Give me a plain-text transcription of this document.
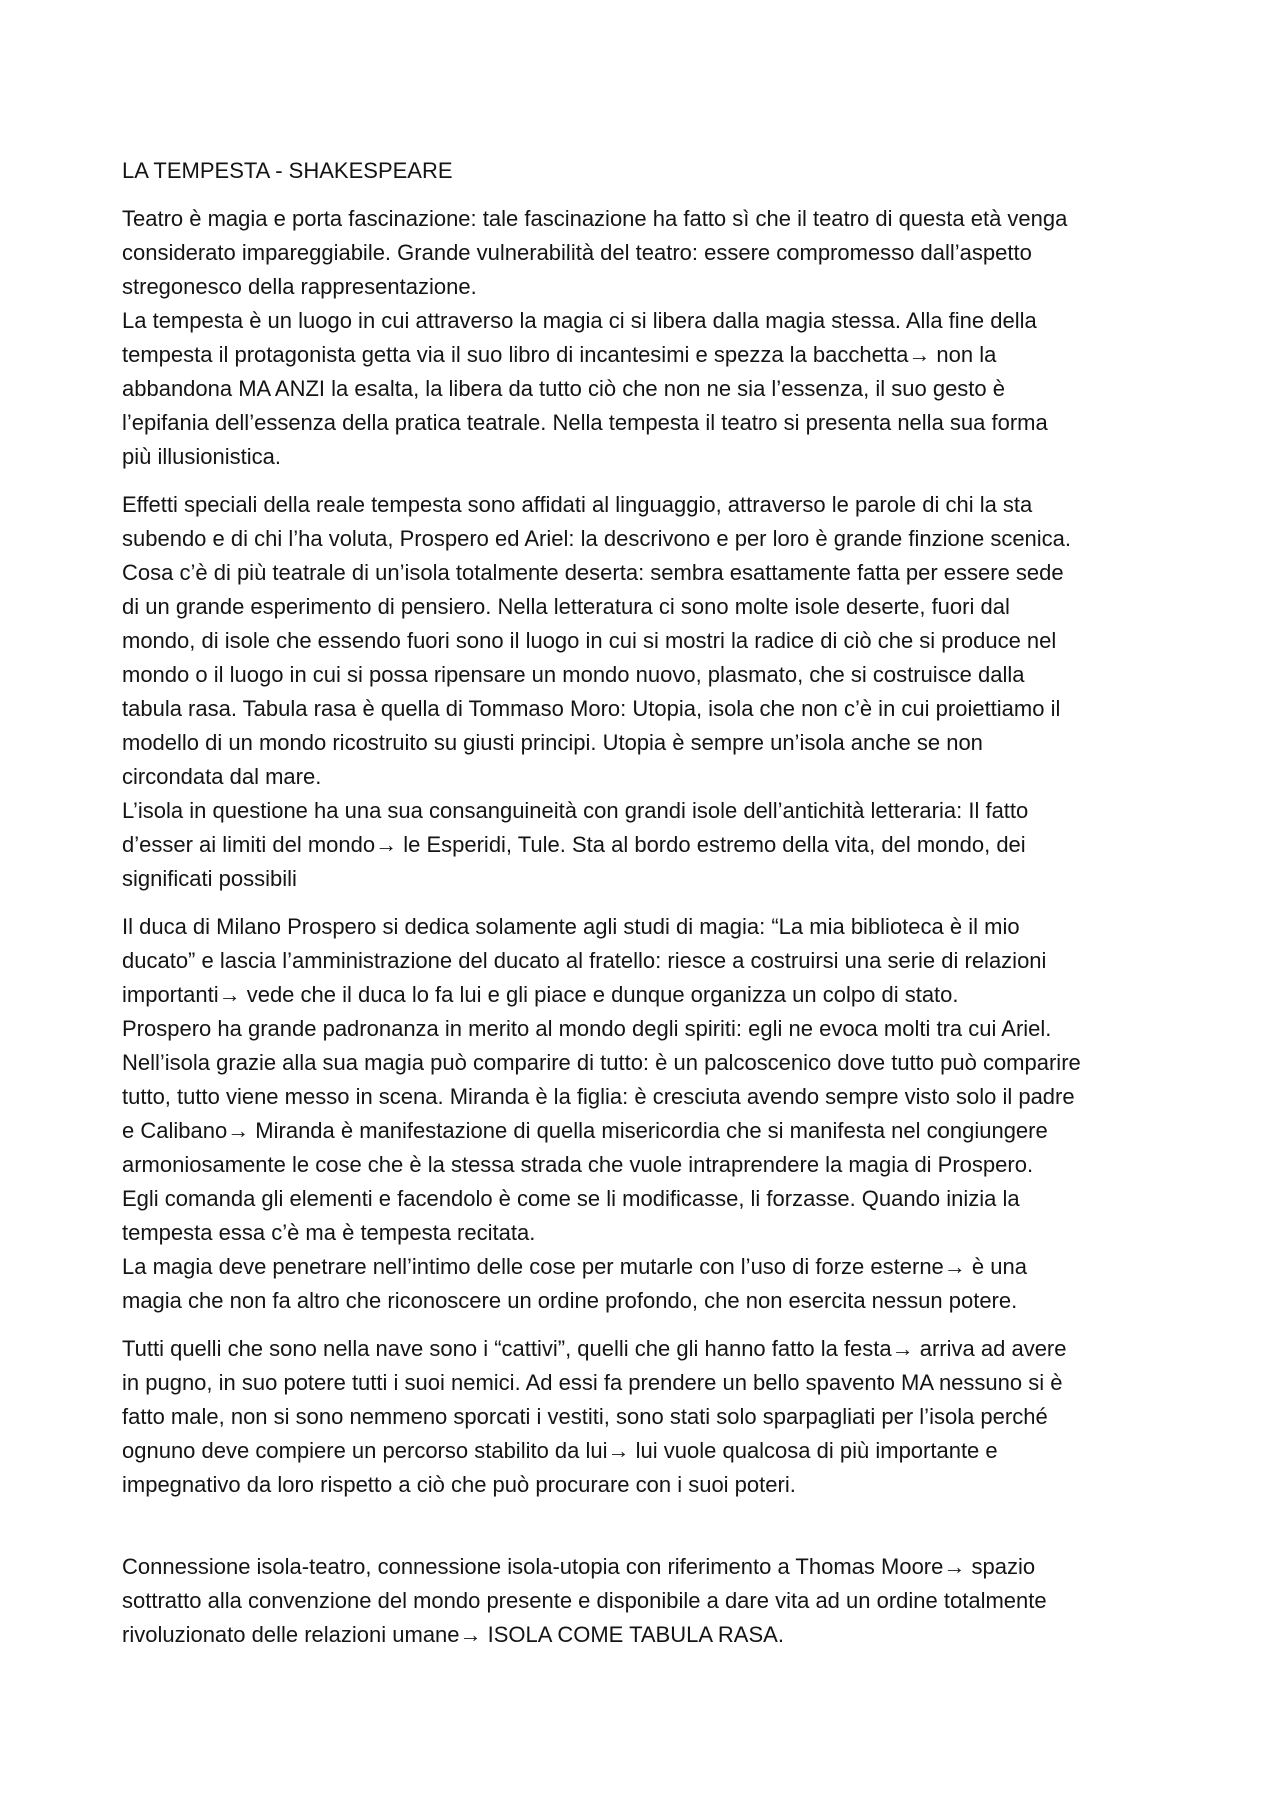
LA TEMPESTA - SHAKESPEARE

Teatro è magia e porta fascinazione: tale fascinazione ha fatto sì che il teatro di questa età venga
considerato impareggiabile. Grande vulnerabilità del teatro: essere compromesso dall’aspetto
stregonesco della rappresentazione.
La tempesta è un luogo in cui attraverso la magia ci si libera dalla magia stessa. Alla fine della
tempesta il protagonista getta via il suo libro di incantesimi e spezza la bacchetta→ non la
abbandona MA ANZI la esalta, la libera da tutto ciò che non ne sia l’essenza, il suo gesto è
l’epifania dell’essenza della pratica teatrale. Nella tempesta il teatro si presenta nella sua forma
più illusionistica.
Effetti speciali della reale tempesta sono affidati al linguaggio, attraverso le parole di chi la sta
subendo e di chi l’ha voluta, Prospero ed Ariel: la descrivono e per loro è grande finzione scenica.
Cosa c’è di più teatrale di un’isola totalmente deserta: sembra esattamente fatta per essere sede
di un grande esperimento di pensiero. Nella letteratura ci sono molte isole deserte, fuori dal
mondo, di isole che essendo fuori sono il luogo in cui si mostri la radice di ciò che si produce nel
mondo o il luogo in cui si possa ripensare un mondo nuovo, plasmato, che si costruisce dalla
tabula rasa. Tabula rasa è quella di Tommaso Moro: Utopia, isola che non c’è in cui proiettiamo il
modello di un mondo ricostruito su giusti principi. Utopia è sempre un’isola anche se non
circondata dal mare.
L’isola in questione ha una sua consanguineità con grandi isole dell’antichità letteraria: Il fatto
d’esser ai limiti del mondo→ le Esperidi, Tule. Sta al bordo estremo della vita, del mondo, dei
significati possibili
Il duca di Milano Prospero si dedica solamente agli studi di magia: “La mia biblioteca è il mio
ducato” e lascia l’amministrazione del ducato al fratello: riesce a costruirsi una serie di relazioni
importanti→ vede che il duca lo fa lui e gli piace e dunque organizza un colpo di stato.
Prospero ha grande padronanza in merito al mondo degli spiriti: egli ne evoca molti tra cui Ariel.
Nell’isola grazie alla sua magia può comparire di tutto: è un palcoscenico dove tutto può comparire
tutto, tutto viene messo in scena. Miranda è la figlia: è cresciuta avendo sempre visto solo il padre
e Calibano→ Miranda è manifestazione di quella misericordia che si manifesta nel congiungere
armoniosamente le cose che è la stessa strada che vuole intraprendere la magia di Prospero.
Egli comanda gli elementi e facendolo è come se li modificasse, li forzasse. Quando inizia la
tempesta essa c’è ma è tempesta recitata.
La magia deve penetrare nell’intimo delle cose per mutarle con l’uso di forze esterne→ è una
magia che non fa altro che riconoscere un ordine profondo, che non esercita nessun potere.
Tutti quelli che sono nella nave sono i “cattivi”, quelli che gli hanno fatto la festa→ arriva ad avere
in pugno, in suo potere tutti i suoi nemici. Ad essi fa prendere un bello spavento MA nessuno si è
fatto male, non si sono nemmeno sporcati i vestiti, sono stati solo sparpagliati per l’isola perché
ognuno deve compiere un percorso stabilito da lui→ lui vuole qualcosa di più importante e
impegnativo da loro rispetto a ciò che può procurare con i suoi poteri.
Connessione isola-teatro, connessione isola-utopia con riferimento a Thomas Moore→ spazio
sottratto alla convenzione del mondo presente e disponibile a dare vita ad un ordine totalmente
rivoluzionato delle relazioni umane→ ISOLA COME TABULA RASA.
